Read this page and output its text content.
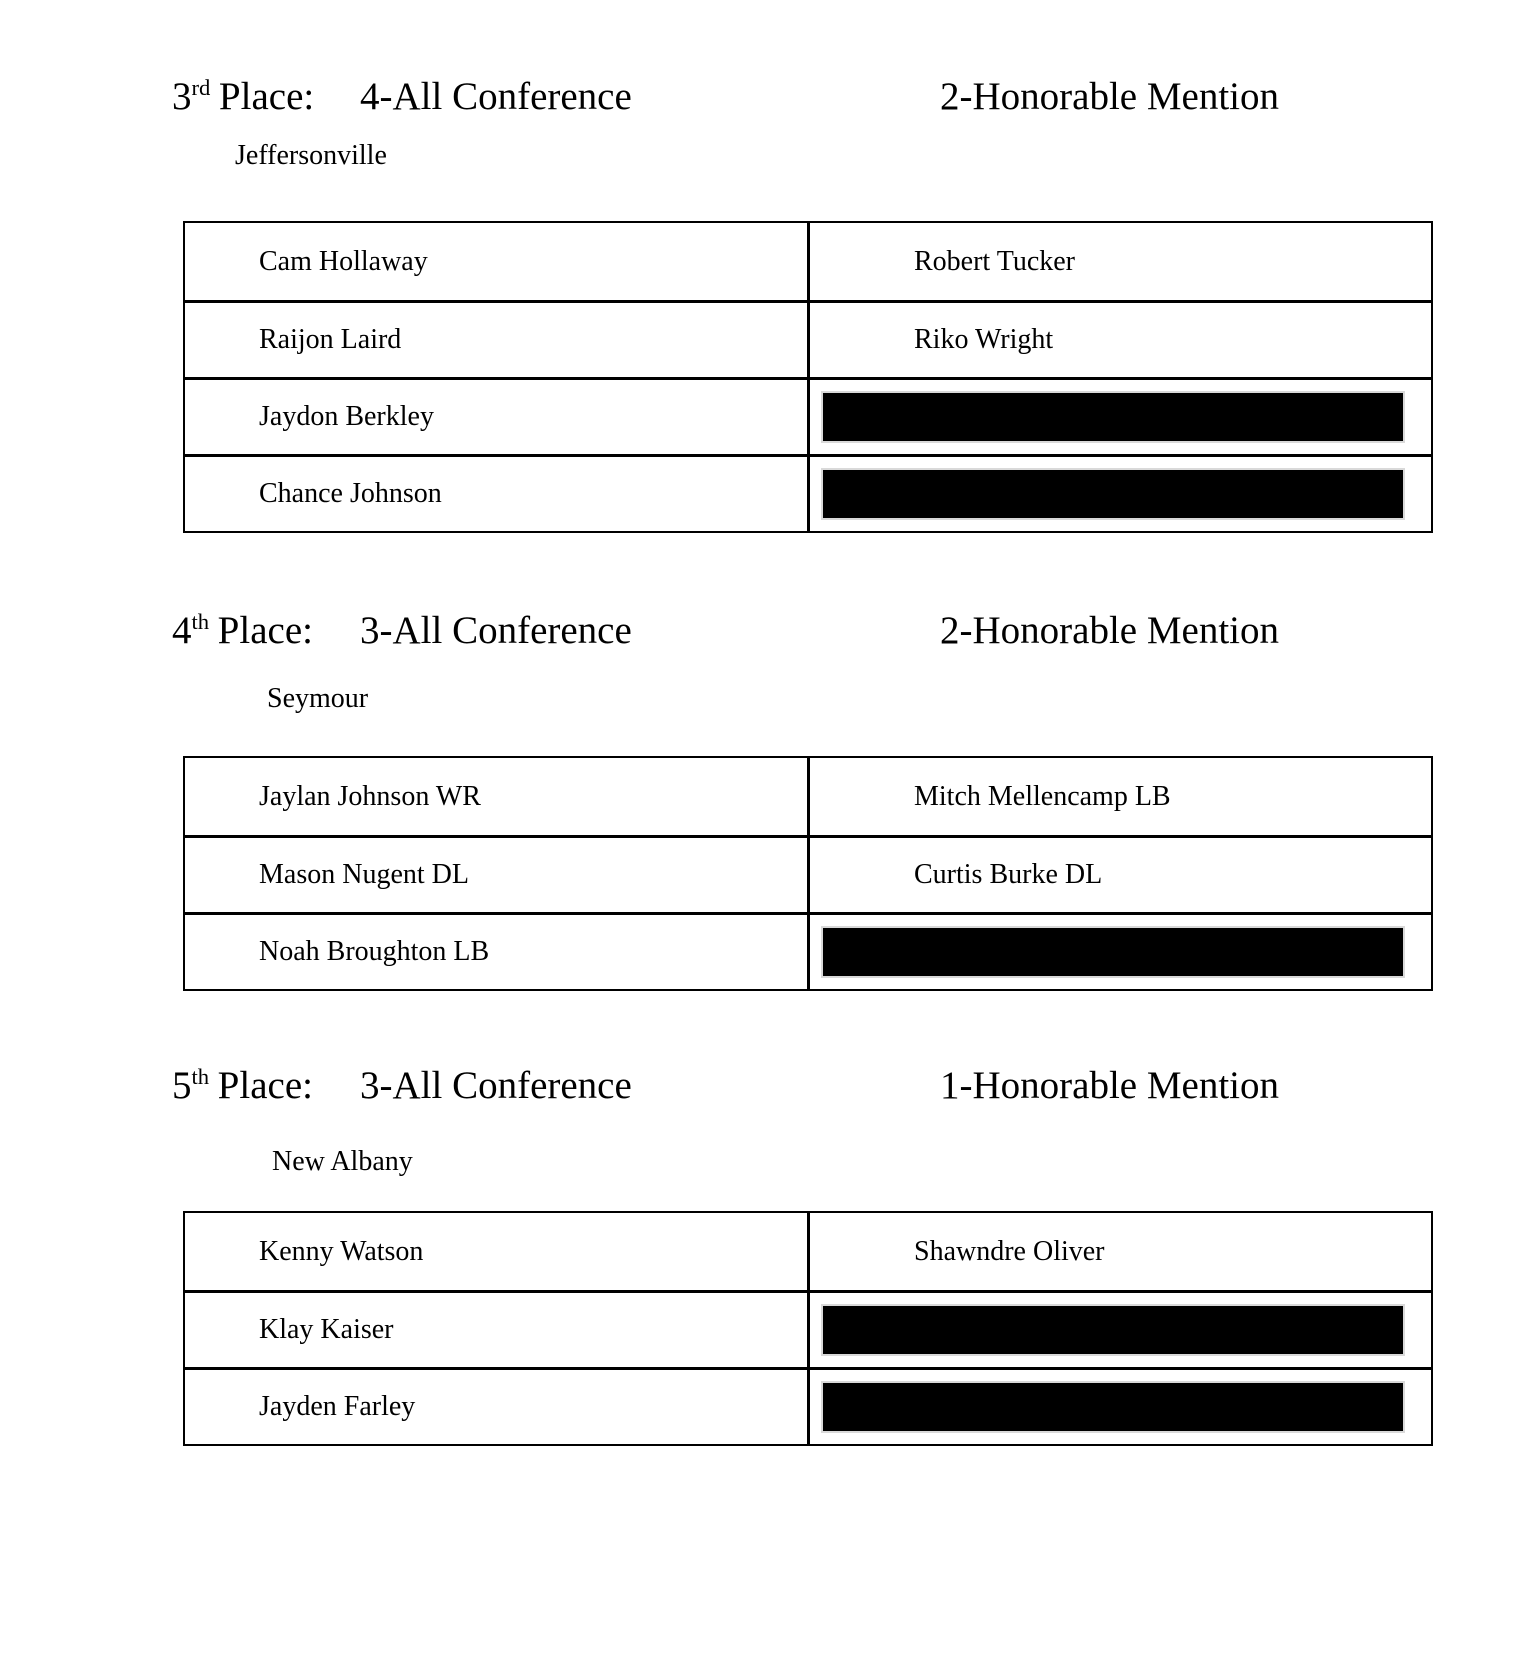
3rd Place: 4-All Conference	2-Honorable Mention
Jeffersonville
Cam Hollaway	Robert Tucker
Raijon Laird	Riko Wright
Jaydon Berkley
Chance Johnson
4th Place: 3-All Conference	2-Honorable Mention
Seymour
Jaylan Johnson WR	Mitch Mellencamp LB
Mason Nugent DL	Curtis Burke DL
Noah Broughton LB
5th Place: 3-All Conference	1-Honorable Mention
New Albany
Kenny Watson	Shawndre Oliver
Klay Kaiser
Jayden Farley
